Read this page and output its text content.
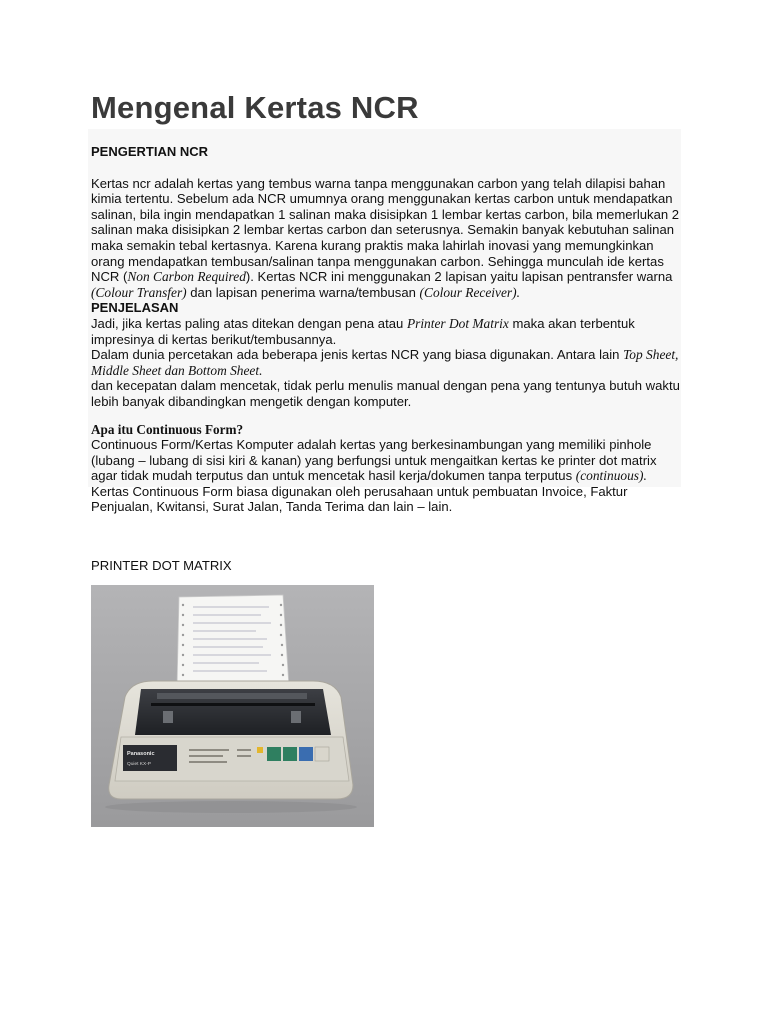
Mengenal Kertas NCR

PENGERTIAN NCR

Kertas ncr adalah kertas yang tembus warna tanpa menggunakan carbon yang telah dilapisi bahan kimia tertentu. Sebelum ada NCR umumnya orang menggunakan kertas carbon untuk mendapatkan salinan, bila ingin mendapatkan 1 salinan maka disisipkan 1 lembar kertas carbon, bila memerlukan 2 salinan maka disisipkan 2 lembar kertas carbon dan seterusnya. Semakin banyak kebutuhan salinan maka semakin tebal kertasnya. Karena kurang praktis maka lahirlah inovasi yang memungkinkan orang mendapatkan tembusan/salinan tanpa menggunakan carbon. Sehingga munculah ide kertas NCR (Non Carbon Required). Kertas NCR ini menggunakan 2 lapisan yaitu lapisan pentransfer warna (Colour Transfer) dan lapisan penerima warna/tembusan (Colour Receiver).

PENJELASAN

Jadi, jika kertas paling atas ditekan dengan pena atau Printer Dot Matrix maka akan terbentuk impresinya di kertas berikut/tembusannya.

Dalam dunia percetakan ada beberapa jenis kertas NCR yang biasa digunakan. Antara lain Top Sheet, Middle Sheet dan Bottom Sheet.

dan kecepatan dalam mencetak, tidak perlu menulis manual dengan pena yang tentunya butuh waktu lebih banyak dibandingkan mengetik dengan komputer.

Apa itu Continuous Form?

Continuous Form/Kertas Komputer adalah kertas yang berkesinambungan yang memiliki pinhole (lubang – lubang di sisi kiri & kanan) yang berfungsi untuk mengaitkan kertas ke printer dot matrix agar tidak mudah terputus dan untuk mencetak hasil kerja/dokumen tanpa terputus (continuous).

Kertas Continuous Form biasa digunakan oleh perusahaan untuk pembuatan Invoice, Faktur Penjualan, Kwitansi, Surat Jalan, Tanda Terima dan lain – lain.

PRINTER DOT MATRIX

Panasonic
Quiet KX-P
